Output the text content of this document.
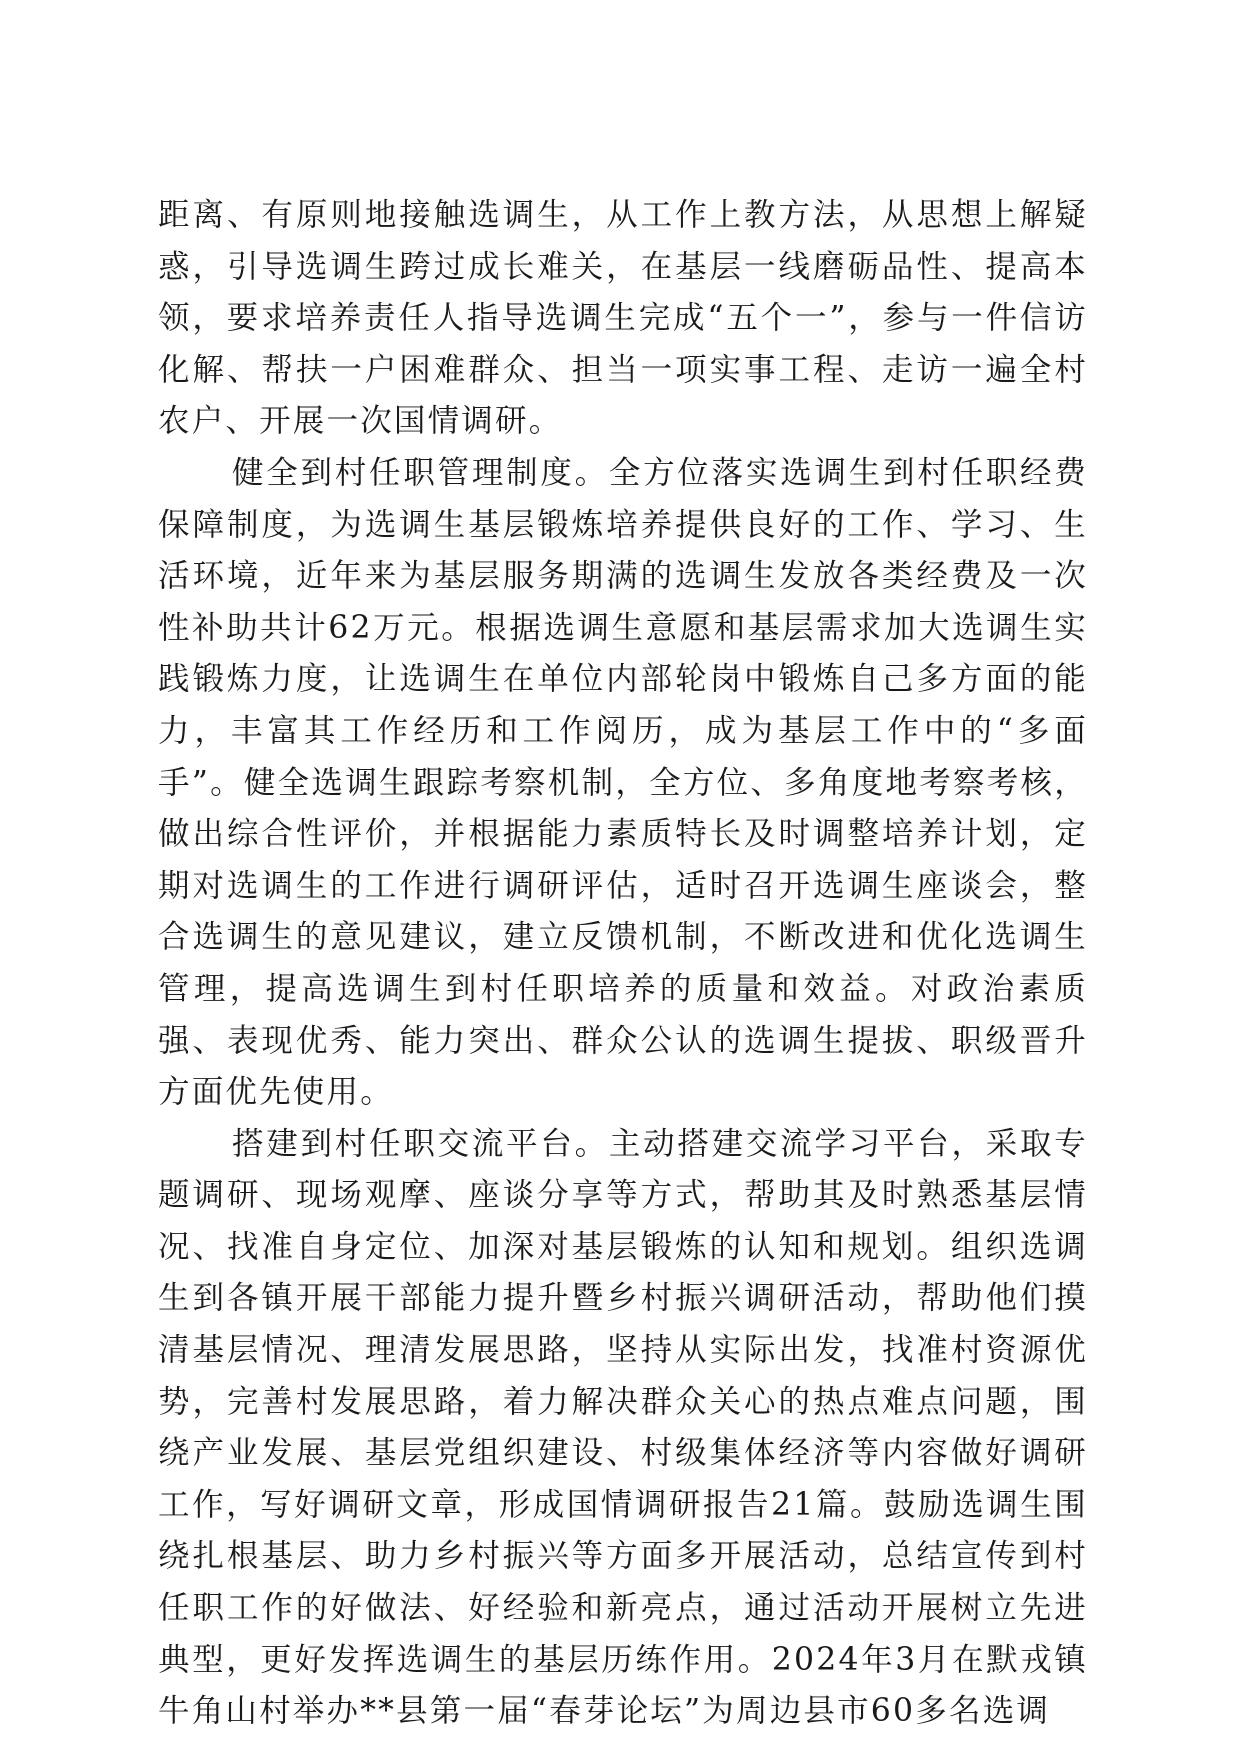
距离、有原则地接触选调生，从工作上教方法，从思想上解疑惑，引导选调生跨过成长难关，在基层一线磨砺品性、提高本领，要求培养责任人指导选调生完成“五个一”，参与一件信访化解、帮扶一户困难群众、担当一项实事工程、走访一遍全村农户、开展一次国情调研。

健全到村任职管理制度。全方位落实选调生到村任职经费保障制度，为选调生基层锻炼培养提供良好的工作、学习、生活环境，近年来为基层服务期满的选调生发放各类经费及一次性补助共计62万元。根据选调生意愿和基层需求加大选调生实践锻炼力度，让选调生在单位内部轮岗中锻炼自己多方面的能力，丰富其工作经历和工作阅历，成为基层工作中的“多面手”。健全选调生跟踪考察机制，全方位、多角度地考察考核，做出综合性评价，并根据能力素质特长及时调整培养计划，定期对选调生的工作进行调研评估，适时召开选调生座谈会，整合选调生的意见建议，建立反馈机制，不断改进和优化选调生管理，提高选调生到村任职培养的质量和效益。对政治素质强、表现优秀、能力突出、群众公认的选调生提拔、职级晋升方面优先使用。

搭建到村任职交流平台。主动搭建交流学习平台，采取专题调研、现场观摩、座谈分享等方式，帮助其及时熟悉基层情况、找准自身定位、加深对基层锻炼的认知和规划。组织选调生到各镇开展干部能力提升暨乡村振兴调研活动，帮助他们摸清基层情况、理清发展思路，坚持从实际出发，找准村资源优势，完善村发展思路，着力解决群众关心的热点难点问题，围绕产业发展、基层党组织建设、村级集体经济等内容做好调研工作，写好调研文章，形成国情调研报告21篇。鼓励选调生围绕扎根基层、助力乡村振兴等方面多开展活动，总结宣传到村任职工作的好做法、好经验和新亮点，通过活动开展树立先进典型，更好发挥选调生的基层历练作用。2024年3月在默戎镇牛角山村举办**县第一届“春芽论坛”为周边县市60多名选调
